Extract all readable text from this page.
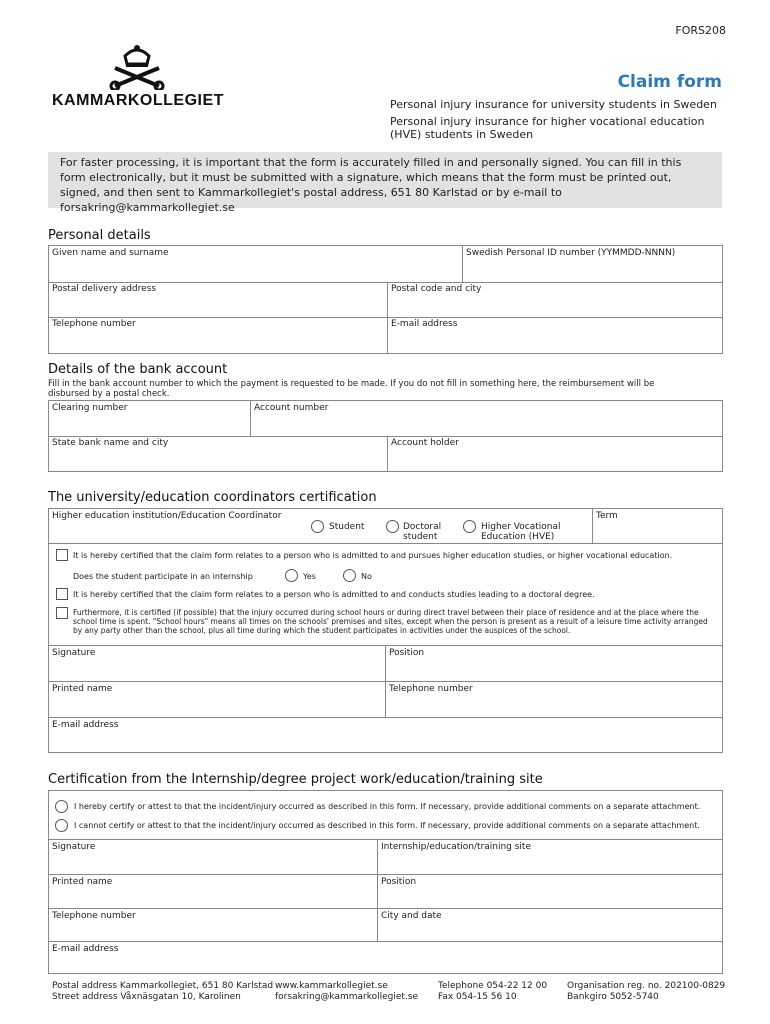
FORS208
KAMMARKOLLEGIET
Claim form
Personal injury insurance for university students in Sweden
Personal injury insurance for higher vocational education (HVE) students in Sweden
For faster processing, it is important that the form is accurately filled in and personally signed. You can fill in this form electronically, but it must be submitted with a signature, which means that the form must be printed out, signed, and then sent to Kammarkollegiet's postal address, 651 80 Karlstad or by e-mail to forsakring@kammarkollegiet.se
Personal details
Given name and surname	Swedish Personal ID number (YYMMDD-NNNN)
Postal delivery address	Postal code and city
Telephone number	E-mail address
Details of the bank account
Fill in the bank account number to which the payment is requested to be made. If you do not fill in something here, the reimbursement will be disbursed by a postal check.
Clearing number	Account number
State bank name and city	Account holder
The university/education coordinators certification
Higher education institution/Education Coordinator
Student	Doctoral student
Higher Vocational Education (HVE)
Term
It is hereby certified that the claim form relates to a person who is admitted to and pursues higher education studies, or higher vocational education.
Does the student participate in an internship	Yes	No
It is hereby certified that the claim form relates to a person who is admitted to and conducts studies leading to a doctoral degree.
Furthermore, it is certified (if possible) that the injury occurred during school hours or during direct travel between their place of residence and at the place where the school time is spent. "School hours" means all times on the schools' premises and sites, except when the person is present as a result of a leisure time activity arranged by any party other than the school, plus all time during which the student participates in activities under the auspices of the school.
Signature	Position
Printed name	Telephone number
E-mail address
Certification from the Internship/degree project work/education/training site
I hereby certify or attest to that the incident/injury occurred as described in this form. If necessary, provide additional comments on a separate attachment.
I cannot certify or attest to that the incident/injury occurred as described in this form. If necessary, provide additional comments on a separate attachment.
Signature	Internship/education/training site
Printed name	Position
Telephone number	City and date
E-mail address
Postal address Kammarkollegiet, 651 80 Karlstad
Street address Våxnäsgatan 10, Karolinen
www.kammarkollegiet.se
forsakring@kammarkollegiet.se
Telephone 054-22 12 00
Fax 054-15 56 10
Organisation reg. no. 202100-0829
Bankgiro 5052-5740
